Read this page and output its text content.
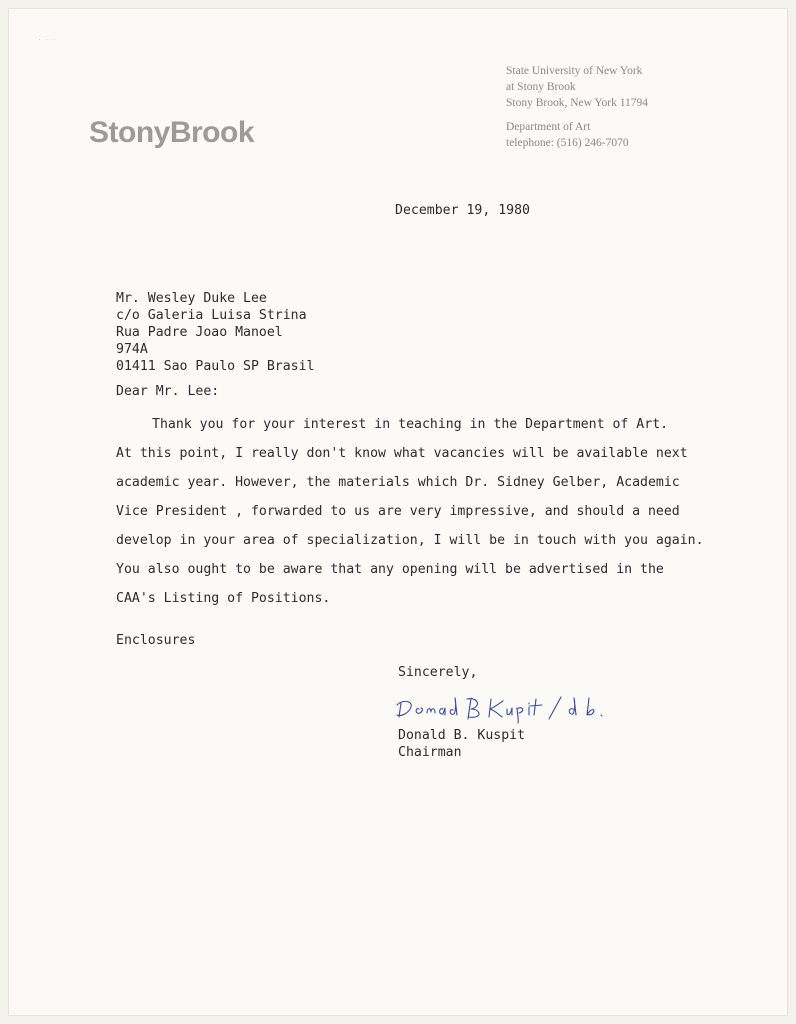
· · ·
StonyBrook
State University of New York
at Stony Brook
Stony Brook, New York 11794
Department of Art
telephone: (516) 246-7070
December 19, 1980
Mr. Wesley Duke Lee
c/o Galeria Luisa Strina
Rua Padre Joao Manoel
974A
01411 Sao Paulo SP Brasil
Dear Mr. Lee:
Thank you for your interest in teaching in the Department of Art.
At this point, I really don't know what vacancies will be available next
academic year. However, the materials which Dr. Sidney Gelber, Academic
Vice President , forwarded to us are very impressive, and should a need
develop in your area of specialization, I will be in touch with you again.
You also ought to be aware that any opening will be advertised in the
CAA's Listing of Positions.
Enclosures
Sincerely,
Donald B. Kuspit
Chairman
